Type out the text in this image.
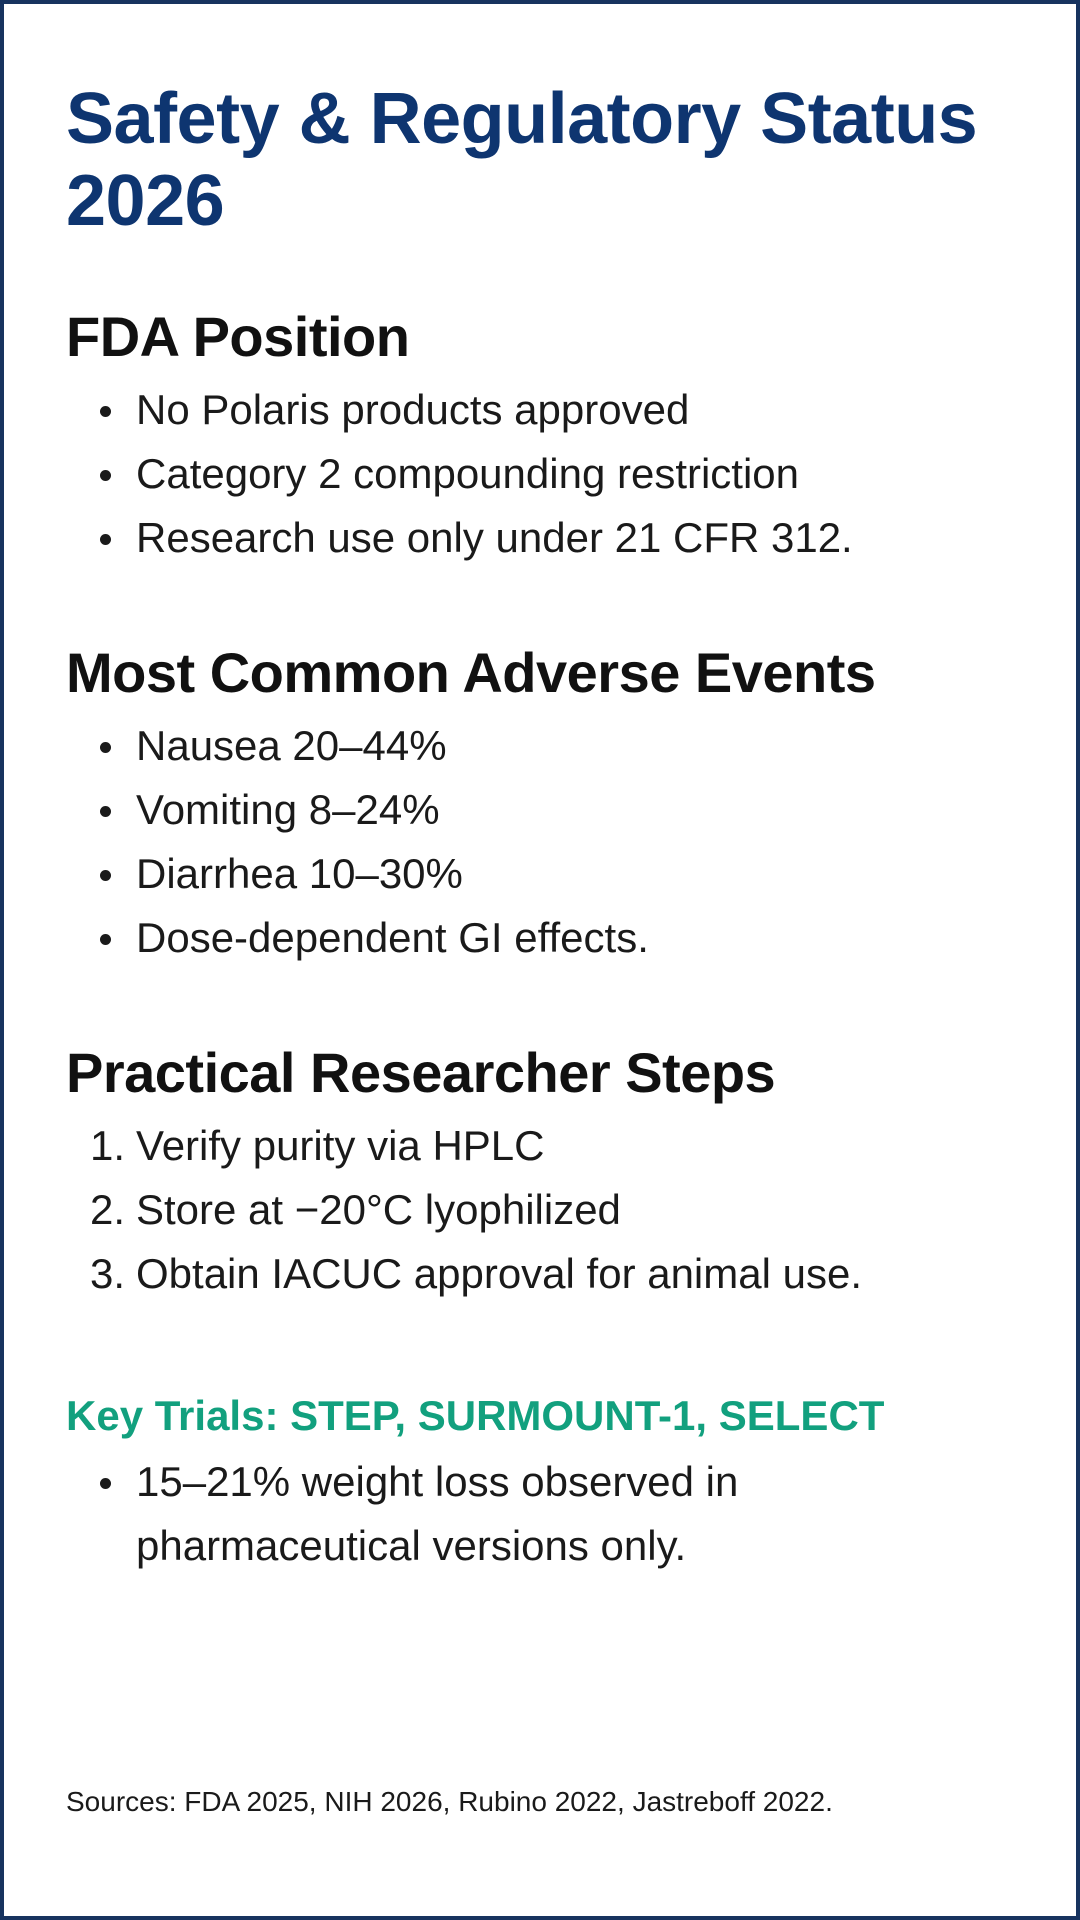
Safety & Regulatory Status 2026
FDA Position
No Polaris products approved
Category 2 compounding restriction
Research use only under 21 CFR 312.
Most Common Adverse Events
Nausea 20–44%
Vomiting 8–24%
Diarrhea 10–30%
Dose-dependent GI effects.
Practical Researcher Steps
1. Verify purity via HPLC
2. Store at −20°C lyophilized
3. Obtain IACUC approval for animal use.
Key Trials: STEP, SURMOUNT-1, SELECT
15–21% weight loss observed in pharmaceutical versions only.
Sources: FDA 2025, NIH 2026, Rubino 2022, Jastreboff 2022.
